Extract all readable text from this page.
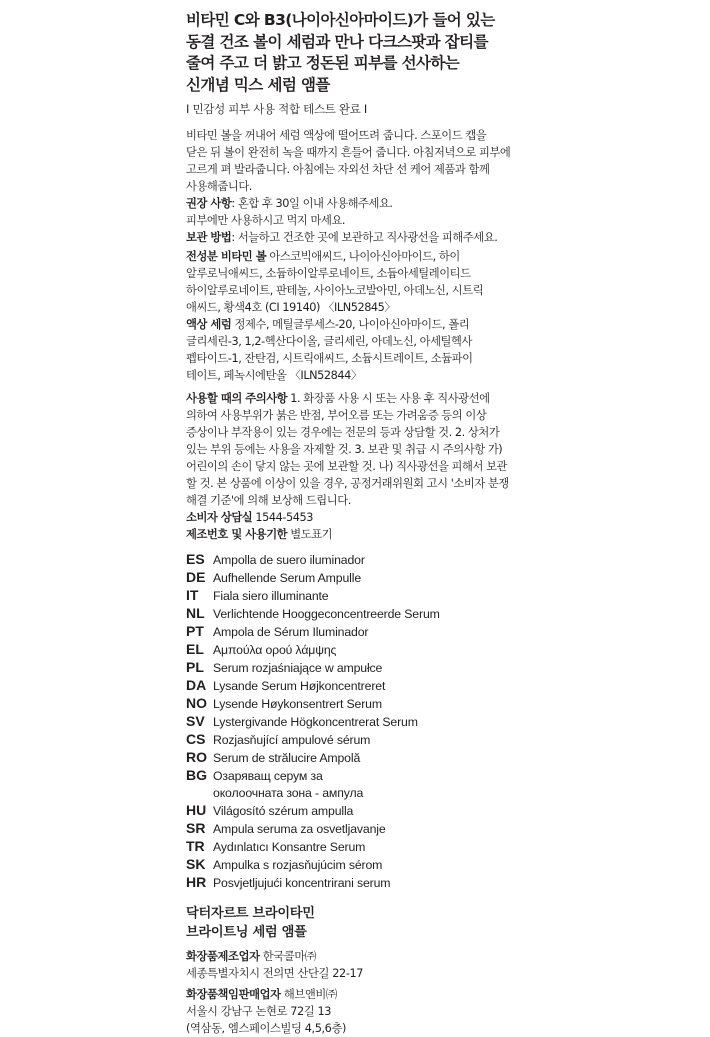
비타민 C와 B3(나이아신아마이드)가 들어 있는
동결 건조 볼이 세럼과 만나 다크스팟과 잡티를
줄여 주고 더 밝고 정돈된 피부를 선사하는
신개념 믹스 세럼 앰플
I 민감성 피부 사용 적합 테스트 완료 I
비타민 볼을 꺼내어 세럼 액상에 떨어뜨려 줍니다. 스포이드 캡을
닫은 뒤 볼이 완전히 녹을 때까지 흔들어 줍니다. 아침저녁으로 피부에
고르게 펴 발라줍니다. 아침에는 자외선 차단 선 케어 제품과 함께
사용해줍니다.
권장 사항: 혼합 후 30일 이내 사용해주세요.
피부에만 사용하시고 먹지 마세요.
보관 방법: 서늘하고 건조한 곳에 보관하고 직사광선을 피해주세요.
전성분 비타민 볼 아스코빅애씨드, 나이아신아마이드, 하이
알루로닉애씨드, 소듐하이알루로네이트, 소듐아세틸레이티드
하이알루로네이트, 판테놀, 사이아노코발아민, 아데노신, 시트릭
애씨드, 황색4호 (CI 19140) 〈ILN52845〉
액상 세럼 정제수, 메틸글루세스-20, 나이아신아마이드, 폴리
글리세린-3, 1,2-헥산다이올, 글리세린, 아데노신, 아세틸헥사
펩타이드-1, 잔탄검, 시트릭애씨드, 소듐시트레이트, 소듐파이
테이트, 페녹시에탄올 〈ILN52844〉
사용할 때의 주의사항 1. 화장품 사용 시 또는 사용 후 직사광선에
의하여 사용부위가 붉은 반점, 부어오름 또는 가려움증 등의 이상
증상이나 부작용이 있는 경우에는 전문의 등과 상담할 것. 2. 상처가
있는 부위 등에는 사용을 자제할 것. 3. 보관 및 취급 시 주의사항 가)
어린이의 손이 닿지 않는 곳에 보관할 것. 나) 직사광선을 피해서 보관
할 것. 본 상품에 이상이 있을 경우, 공정거래위원회 고시 '소비자 분쟁
해결 기준'에 의해 보상해 드립니다.
소비자 상담실 1544-5453
제조번호 및 사용기한 별도표기
ES Ampolla de suero iluminador
DE Aufhellende Serum Ampulle
IT	Fiala siero illuminante
NL Verlichtende Hooggeconcentreerde Serum
PT Ampola de Sérum Iluminador
EL Αμπούλα ορού λάμψης
PL Serum rozjaśniające w ampułce
DA Lysande Serum Højkoncentreret
NO Lysende Høykonsentrert Serum
SV Lystergivande Högkoncentrerat Serum
CS Rozjasňující ampulové sérum
RO Serum de strălucire Ampolă
BG Озаряващ серум за
околоочната зона - ампула
HU Világosító szérum ampulla
SR Ampula seruma za osvetljavanje
TR Aydınlatıcı Konsantre Serum
SK Ampulka s rozjasňujúcim sérom
HR Posvjetljujući koncentrirani serum
닥터자르트 브라이타민
브라이트닝 세럼 앰플
화장품제조업자 한국콜마㈜
세종특별자치시 전의면 산단길 22-17
화장품책임판매업자 해브앤비㈜
서울시 강남구 논현로 72길 13
(역삼동, 엠스페이스빌딩 4,5,6층)
